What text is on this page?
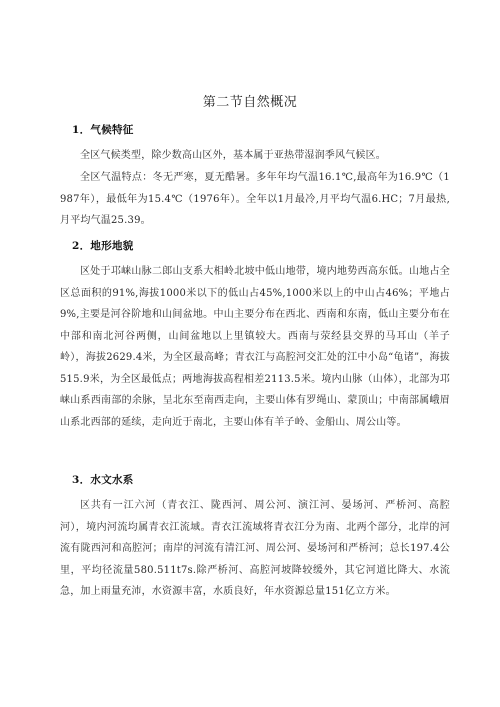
第二节自然概况
1．气候特征
全区气候类型，除少数高山区外，基本属于亚热带湿润季风气候区。
全区气温特点：冬无严寒，夏无酷暑。多年年均气温16.1℃,最高年为16.9℃（1987年），最低年为15.4℃（1976年）。全年以1月最冷,月平均气温6.HC；7月最热,月平均气温25.39。
2．地形地貌
区处于邛崃山脉二郎山支系大相岭北坡中低山地带，境内地势西高东低。山地占全区总面积的91%,海拔1000米以下的低山占45%,1000米以上的中山占46%；平地占9%,主要是河谷阶地和山间盆地。中山主要分布在西北、西南和东南，低山主要分布在中部和南北河谷两侧，山间盆地以上里镇较大。西南与荥经县交界的马耳山（羊子岭），海拔2629.4米，为全区最高峰；青衣江与高腔河交汇处的江中小岛“龟诸”，海拔515.9米，为全区最低点；两地海拔高程相差2113.5米。境内山脉（山体），北部为邛崃山系西南部的余脉，呈北东至南西走向，主要山体有罗绳山、蒙顶山；中南部属峨眉山系北西部的延续，走向近于南北，主要山体有羊子岭、金船山、周公山等。
3．水文水系
区共有一江六河（青衣江、陇西河、周公河、演江河、晏场河、严桥河、高腔河），境内河流均属青衣江流域。青衣江流域将青衣江分为南、北两个部分，北岸的河流有陇西河和高腔河；南岸的河流有清江河、周公河、晏场河和严桥河；总长197.4公里，平均径流量580.511t7s.除严桥河、高腔河坡降较缓外，其它河道比降大、水流急，加上雨量充沛，水资源丰富，水质良好，年水资源总量151亿立方米。
